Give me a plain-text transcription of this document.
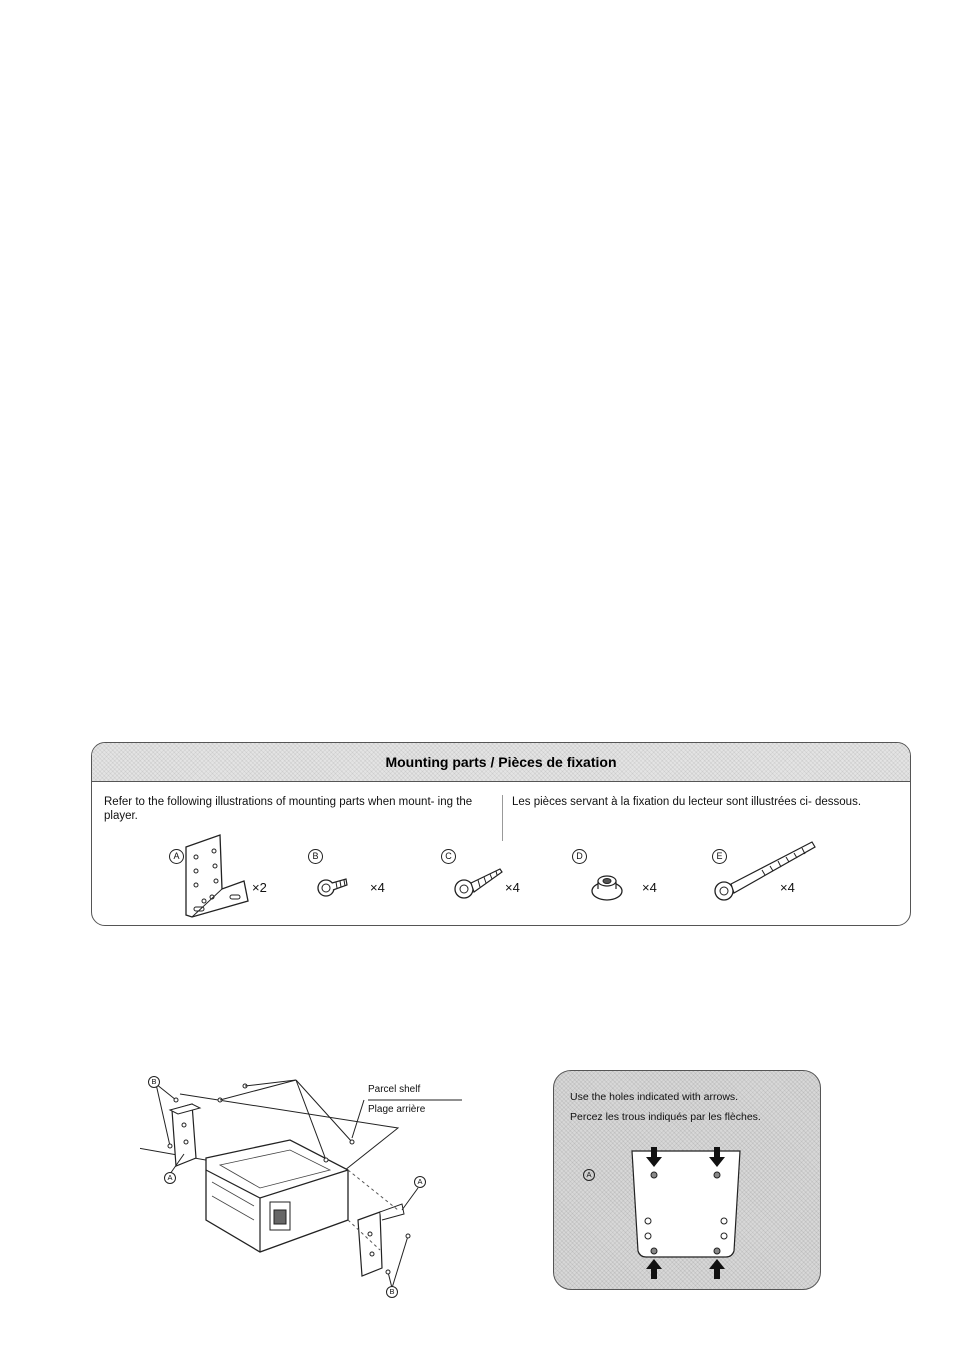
Mounting parts / Pièces de fixation
Refer to the following illustrations of mounting parts when mount- ing the player.
Les pièces servant à la fixation du lecteur sont illustrées ci- dessous.
A
×2
B
×4
C
×4
D
×4
E
×4
Parcel shelf
Plage arrière
B
A	A
B
Use the holes indicated with arrows.
Percez les trous indiqués par les flèches.
A
